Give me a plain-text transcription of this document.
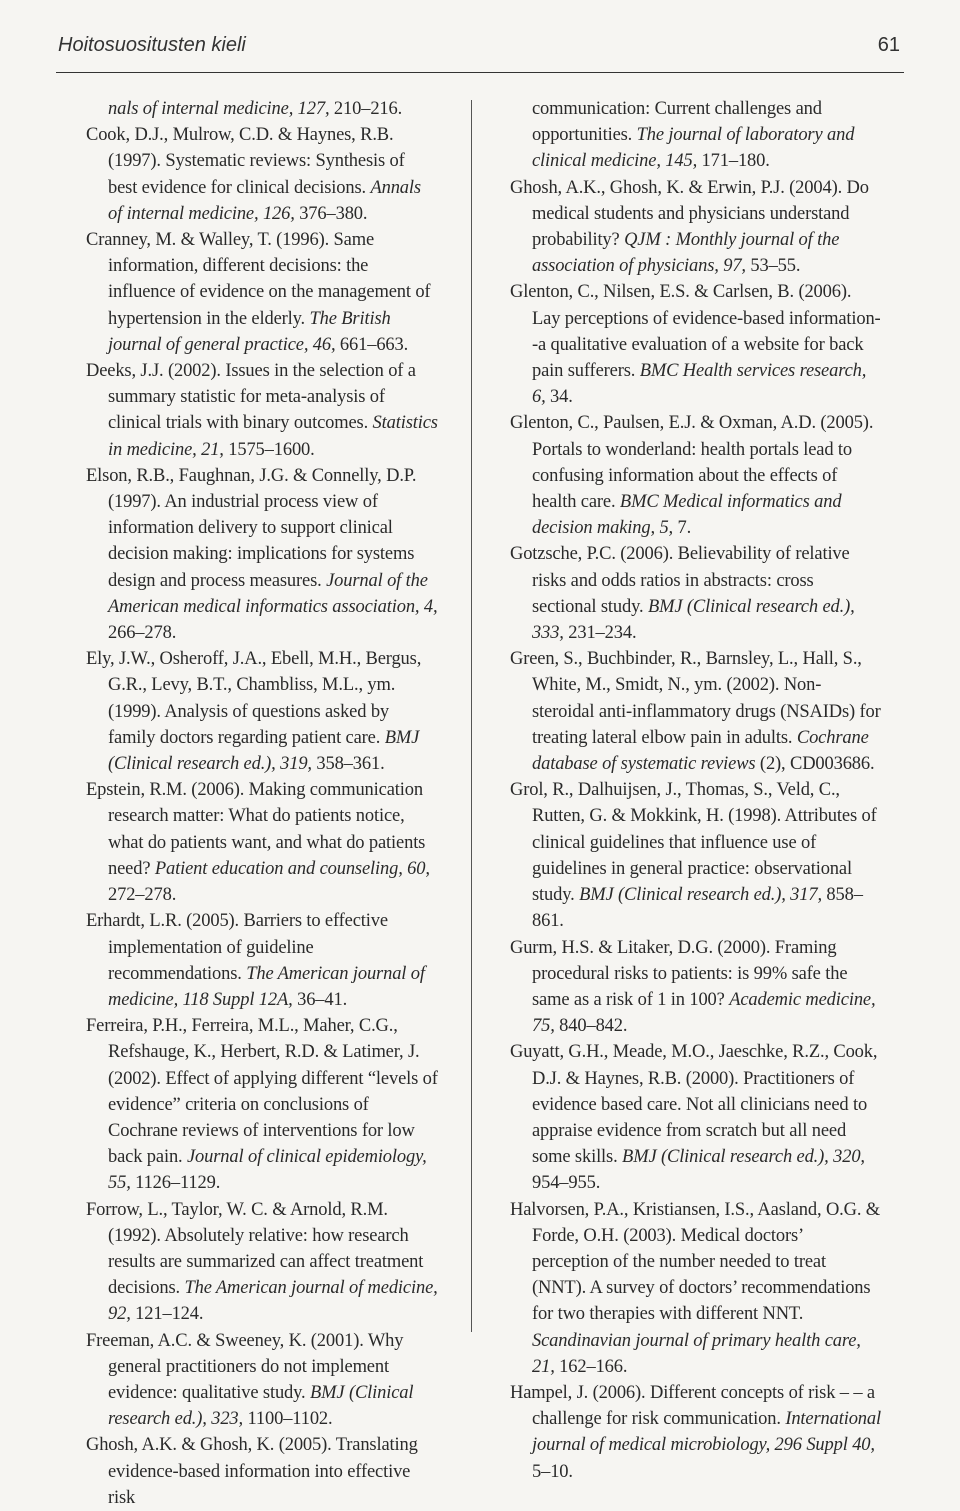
Hoitosuositusten kieli	61

nals of internal medicine, 127, 210–216.

Cook, D.J., Mulrow, C.D. & Haynes, R.B. (1997). Systematic reviews: Synthesis of best evidence for clinical decisions. Annals of internal medicine, 126, 376–380.

Cranney, M. & Walley, T. (1996). Same information, different decisions: the influence of evidence on the management of hypertension in the elderly. The British journal of general practice, 46, 661–663.

Deeks, J.J. (2002). Issues in the selection of a summary statistic for meta-analysis of clinical trials with binary outcomes. Statistics in medicine, 21, 1575–1600.

Elson, R.B., Faughnan, J.G. & Connelly, D.P. (1997). An industrial process view of information delivery to support clinical decision making: implications for systems design and process measures. Journal of the American medical informatics association, 4, 266–278.

Ely, J.W., Osheroff, J.A., Ebell, M.H., Bergus, G.R., Levy, B.T., Chambliss, M.L., ym. (1999). Analysis of questions asked by family doctors regarding patient care. BMJ (Clinical research ed.), 319, 358–361.

Epstein, R.M. (2006). Making communication research matter: What do patients notice, what do patients want, and what do patients need? Patient education and counseling, 60, 272–278.

Erhardt, L.R. (2005). Barriers to effective implementation of guideline recommendations. The American journal of medicine, 118 Suppl 12A, 36–41.

Ferreira, P.H., Ferreira, M.L., Maher, C.G., Refshauge, K., Herbert, R.D. & Latimer, J. (2002). Effect of applying different “levels of evidence” criteria on conclusions of Cochrane reviews of interventions for low back pain. Journal of clinical epidemiology, 55, 1126–1129.

Forrow, L., Taylor, W. C. & Arnold, R.M. (1992). Absolutely relative: how research results are summarized can affect treatment decisions. The American journal of medicine, 92, 121–124.

Freeman, A.C. & Sweeney, K. (2001). Why general practitioners do not implement evidence: qualitative study. BMJ (Clinical research ed.), 323, 1100–1102.

Ghosh, A.K. & Ghosh, K. (2005). Translating evidence-based information into effective risk

communication: Current challenges and opportunities. The journal of laboratory and clinical medicine, 145, 171–180.

Ghosh, A.K., Ghosh, K. & Erwin, P.J. (2004). Do medical students and physicians understand probability? QJM : Monthly journal of the association of physicians, 97, 53–55.

Glenton, C., Nilsen, E.S. & Carlsen, B. (2006). Lay perceptions of evidence-based information--a qualitative evaluation of a website for back pain sufferers. BMC Health services research, 6, 34.

Glenton, C., Paulsen, E.J. & Oxman, A.D. (2005). Portals to wonderland: health portals lead to confusing information about the effects of health care. BMC Medical informatics and decision making, 5, 7.

Gotzsche, P.C. (2006). Believability of relative risks and odds ratios in abstracts: cross sectional study. BMJ (Clinical research ed.), 333, 231–234.

Green, S., Buchbinder, R., Barnsley, L., Hall, S., White, M., Smidt, N., ym. (2002). Non-steroidal anti-inflammatory drugs (NSAIDs) for treating lateral elbow pain in adults. Cochrane database of systematic reviews (2), CD003686.

Grol, R., Dalhuijsen, J., Thomas, S., Veld, C., Rutten, G. & Mokkink, H. (1998). Attributes of clinical guidelines that influence use of guidelines in general practice: observational study. BMJ (Clinical research ed.), 317, 858–861.

Gurm, H.S. & Litaker, D.G. (2000). Framing procedural risks to patients: is 99% safe the same as a risk of 1 in 100? Academic medicine, 75, 840–842.

Guyatt, G.H., Meade, M.O., Jaeschke, R.Z., Cook, D.J. & Haynes, R.B. (2000). Practitioners of evidence based care. Not all clinicians need to appraise evidence from scratch but all need some skills. BMJ (Clinical research ed.), 320, 954–955.

Halvorsen, P.A., Kristiansen, I.S., Aasland, O.G. & Forde, O.H. (2003). Medical doctors’ perception of the number needed to treat (NNT). A survey of doctors’ recommendations for two therapies with different NNT. Scandinavian journal of primary health care, 21, 162–166.

Hampel, J. (2006). Different concepts of risk – – a challenge for risk communication. International journal of medical microbiology, 296 Suppl 40, 5–10.
